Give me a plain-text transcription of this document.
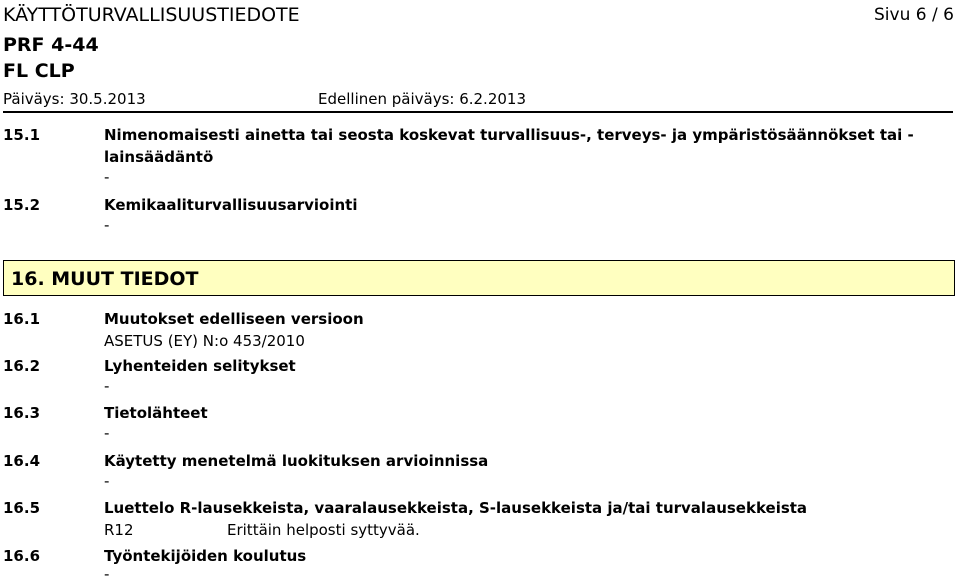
KÄYTTÖTURVALLISUUSTIEDOTE	Sivu 6 / 6
PRF 4-44
FL CLP
Päiväys: 30.5.2013	Edellinen päiväys: 6.2.2013
15.1	Nimenomaisesti ainetta tai seosta koskevat turvallisuus-, terveys- ja ympäristösäännökset tai -
lainsäädäntö
-
15.2	Kemikaaliturvallisuusarviointi
-
16. MUUT TIEDOT
16.1	Muutokset edelliseen versioon
ASETUS (EY) N:o 453/2010
16.2	Lyhenteiden selitykset
-
16.3	Tietolähteet
-
16.4	Käytetty menetelmä luokituksen arvioinnissa
-
16.5	Luettelo R-lausekkeista, vaaralausekkeista, S-lausekkeista ja/tai turvalausekkeista
R12	Erittäin helposti syttyvää.
16.6	Työntekijöiden koulutus
-
